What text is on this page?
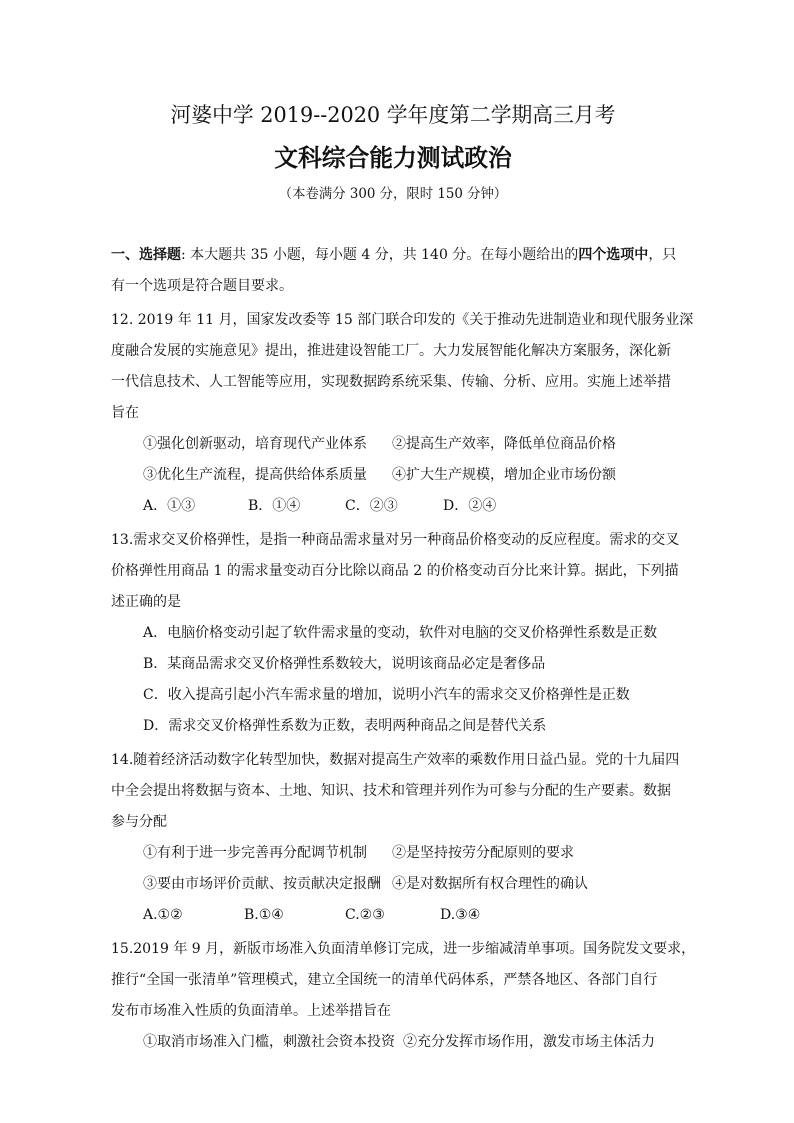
河婆中学 2019--2020 学年度第二学期高三月考
文科综合能力测试政治
（本卷满分 300 分，限时 150 分钟）
一、选择题: 本大题共 35 小题，每小题 4 分，共 140 分。在每小题给出的四个选项中，只
有一个选项是符合题目要求。
12. 2019 年 11 月，国家发改委等 15 部门联合印发的《关于推动先进制造业和现代服务业深
度融合发展的实施意见》提出，推进建设智能工厂。大力发展智能化解决方案服务，深化新
一代信息技术、人工智能等应用，实现数据跨系统采集、传输、分析、应用。实施上述举措
旨在
①强化创新驱动，培育现代产业体系 ②提高生产效率，降低单位商品价格
③优化生产流程，提高供给体系质量 ④扩大生产规模，增加企业市场份额
A．①③	B．①④	C．②③	D．②④
13.需求交叉价格弹性，是指一种商品需求量对另一种商品价格变动的反应程度。需求的交叉
价格弹性用商品 1 的需求量变动百分比除以商品 2 的价格变动百分比来计算。据此，下列描
述正确的是
A．电脑价格变动引起了软件需求量的变动，软件对电脑的交叉价格弹性系数是正数
B．某商品需求交叉价格弹性系数较大，说明该商品必定是奢侈品
C．收入提高引起小汽车需求量的增加，说明小汽车的需求交叉价格弹性是正数
D．需求交叉价格弹性系数为正数，表明两种商品之间是替代关系
14.随着经济活动数字化转型加快，数据对提高生产效率的乘数作用日益凸显。党的十九届四
中全会提出将数据与资本、土地、知识、技术和管理并列作为可参与分配的生产要素。数据
参与分配
①有利于进一步完善再分配调节机制 ②是坚持按劳分配原则的要求
③要由市场评价贡献、按贡献决定报酬 ④是对数据所有权合理性的确认
A.①②	B.①④	C.②③	D.③④
15.2019 年 9 月，新版市场准入负面清单修订完成，进一步缩减清单事项。国务院发文要求，
推行“全国一张清单”管理模式，建立全国统一的清单代码体系，严禁各地区、各部门自行
发布市场准入性质的负面清单。上述举措旨在
①取消市场准入门槛，刺激社会资本投资 ②充分发挥市场作用，激发市场主体活力
